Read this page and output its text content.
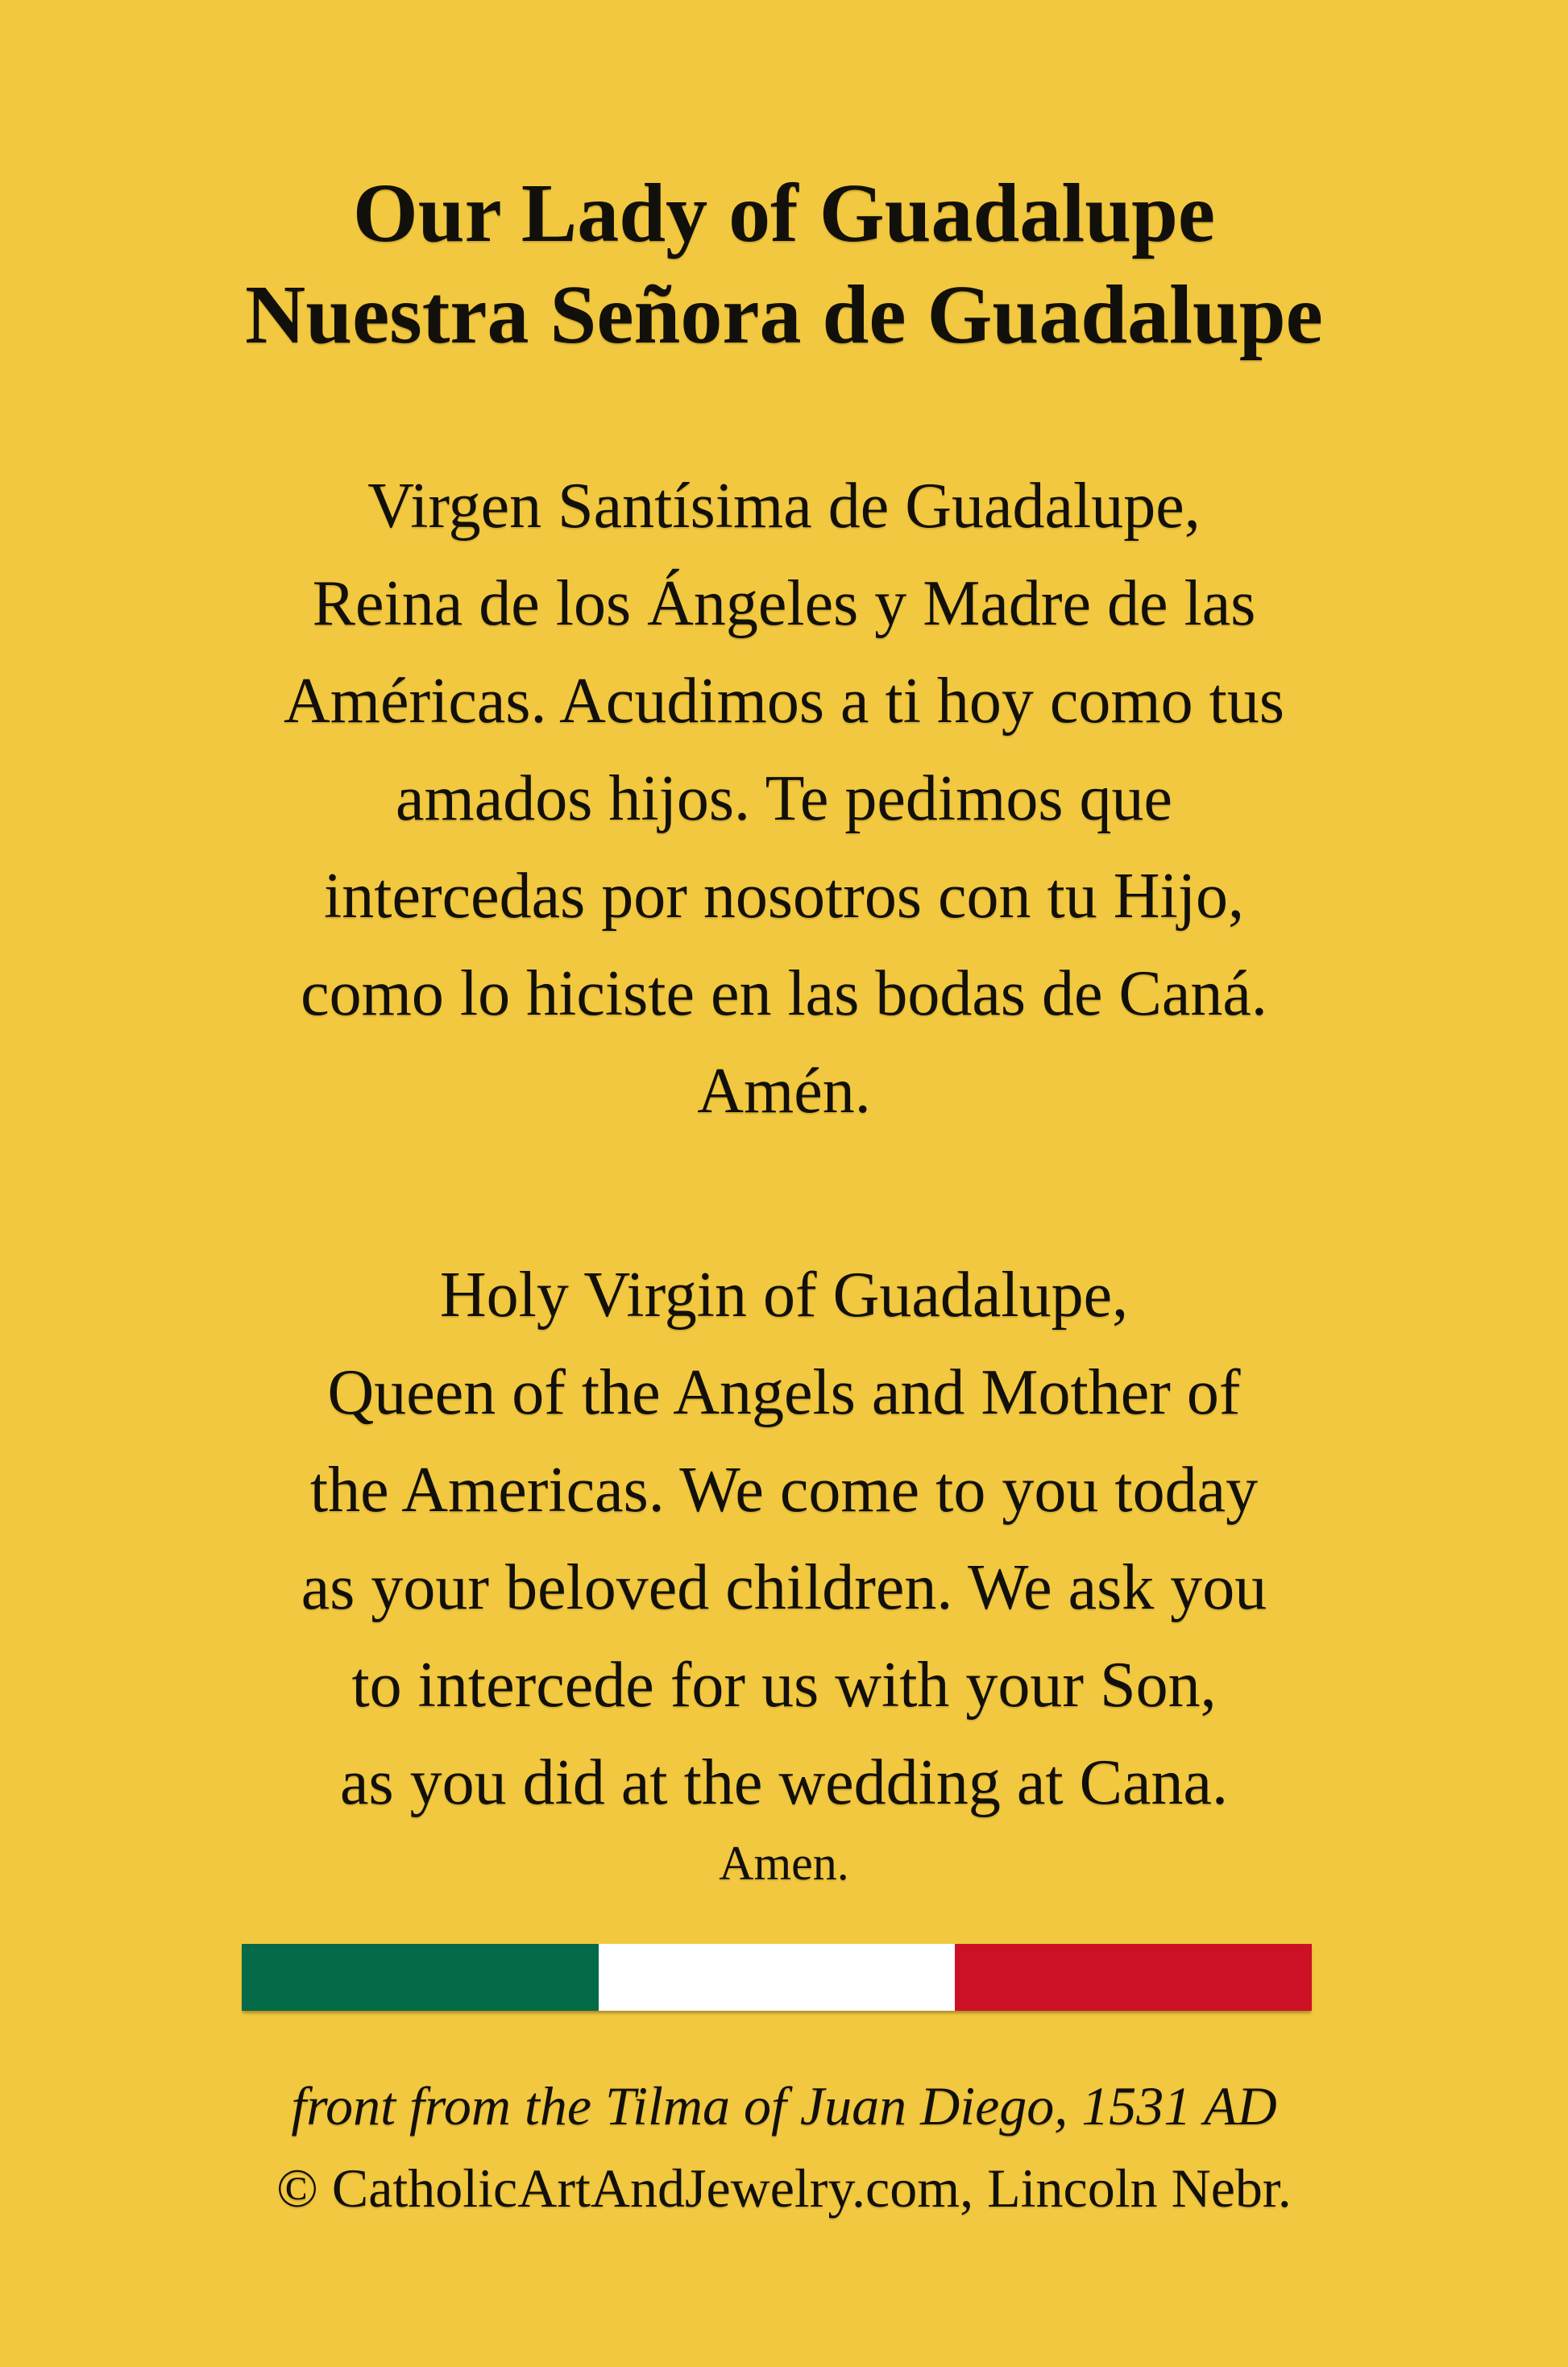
Our Lady of Guadalupe
Nuestra Señora de Guadalupe
Virgen Santísima de Guadalupe,
Reina de los Ángeles y Madre de las
Américas. Acudimos a ti hoy como tus
amados hijos. Te pedimos que
intercedas por nosotros con tu Hijo,
como lo hiciste en las bodas de Caná.
Amén.
Holy Virgin of Guadalupe,
Queen of the Angels and Mother of
the Americas. We come to you today
as your beloved children. We ask you
to intercede for us with your Son,
as you did at the wedding at Cana.
Amen.
front from the Tilma of Juan Diego, 1531 AD
© CatholicArtAndJewelry.com, Lincoln Nebr.
